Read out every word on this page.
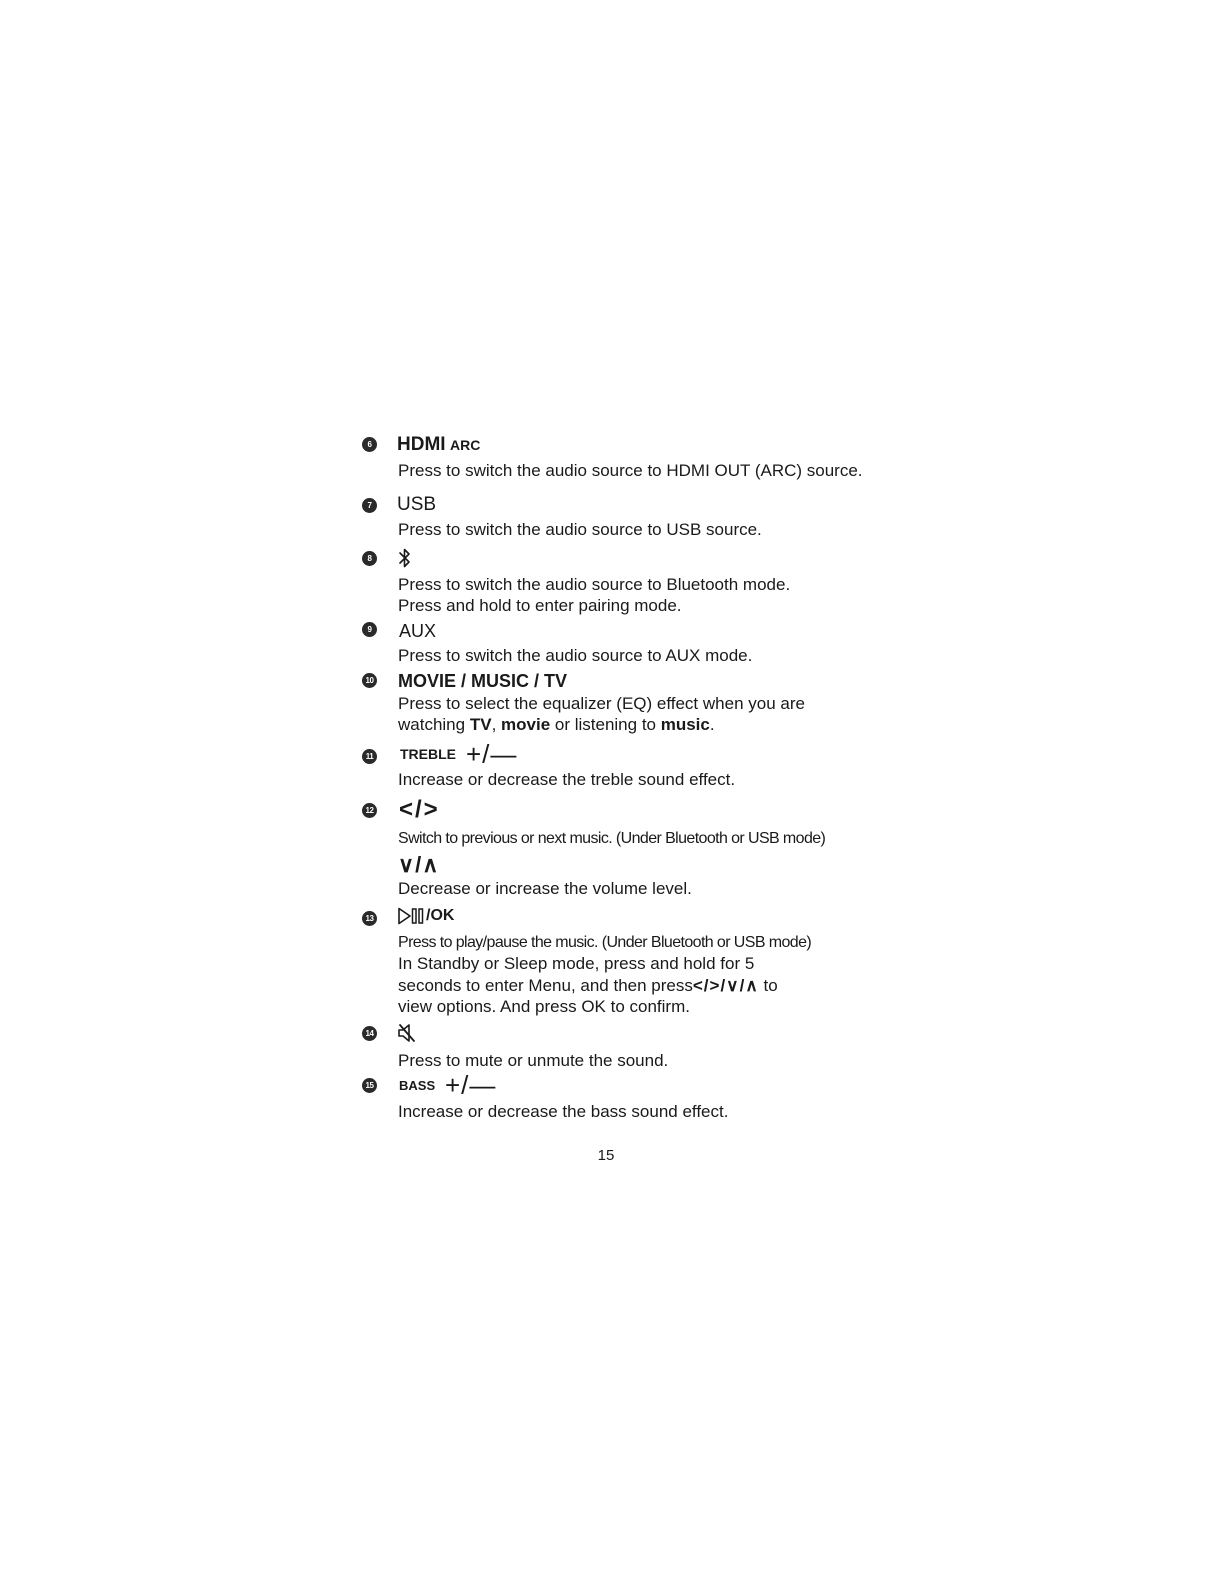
6 HDMI ARC
Press to switch the audio source to HDMI OUT (ARC) source.
7 USB
Press to switch the audio source to USB source.
8
Press to switch the audio source to Bluetooth mode.
Press and hold to enter pairing mode.
9	AUX
Press to switch the audio source to AUX mode.
10 MOVIE / MUSIC / TV
Press to select the equalizer (EQ) effect when you are
watching TV, movie or listening to music.
11 TREBLE +/—
Increase or decrease the treble sound effect.
12 </>
Switch to previous or next music. (Under Bluetooth or USB mode)
∨/∧
Decrease or increase the volume level.
13	/OK
Press to play/pause the music. (Under Bluetooth or USB mode)
In Standby or Sleep mode, press and hold for 5
seconds to enter Menu, and then press</>/∨/∧ to
view options. And press OK to confirm.
14
Press to mute or unmute the sound.
15 BASS +/—
Increase or decrease the bass sound effect.
15
